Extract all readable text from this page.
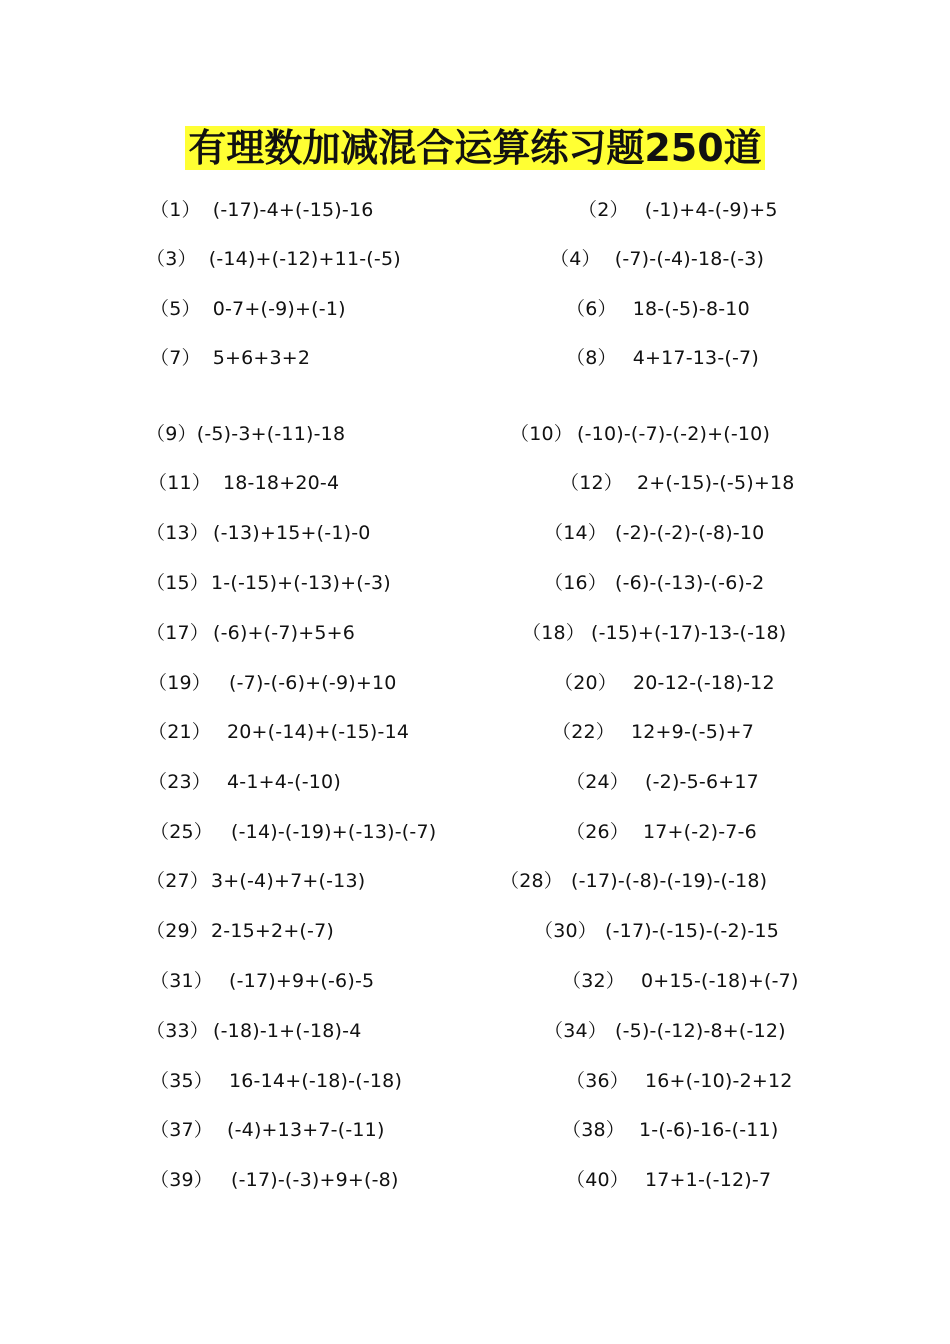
有理数加减混合运算练习题250道
（1） (-17)-4+(-15)-16
（3） (-14)+(-12)+11-(-5)
（5） 0-7+(-9)+(-1)
（7） 5+6+3+2
（9）(-5)-3+(-11)-18
（11） 18-18+20-4
（13） (-13)+15+(-1)-0
（15） 1-(-15)+(-13)+(-3)
（17） (-6)+(-7)+5+6
（19） (-7)-(-6)+(-9)+10
（21） 20+(-14)+(-15)-14
（23） 4-1+4-(-10)
（25） (-14)-(-19)+(-13)-(-7)
（27） 3+(-4)+7+(-13)
（29） 2-15+2+(-7)
（31） (-17)+9+(-6)-5
（33） (-18)-1+(-18)-4
（35） 16-14+(-18)-(-18)
（37） (-4)+13+7-(-11)
（39） (-17)-(-3)+9+(-8)
（2） (-1)+4-(-9)+5
（4） (-7)-(-4)-18-(-3)
（6） 18-(-5)-8-10
（8） 4+17-13-(-7)
（10） (-10)-(-7)-(-2)+(-10)
（12） 2+(-15)-(-5)+18
（14） (-2)-(-2)-(-8)-10
（16） (-6)-(-13)-(-6)-2
（18） (-15)+(-17)-13-(-18)
（20） 20-12-(-18)-12
（22） 12+9-(-5)+7
（24） (-2)-5-6+17
（26） 17+(-2)-7-6
（28） (-17)-(-8)-(-19)-(-18)
（30） (-17)-(-15)-(-2)-15
（32） 0+15-(-18)+(-7)
（34） (-5)-(-12)-8+(-12)
（36） 16+(-10)-2+12
（38） 1-(-6)-16-(-11)
（40） 17+1-(-12)-7
